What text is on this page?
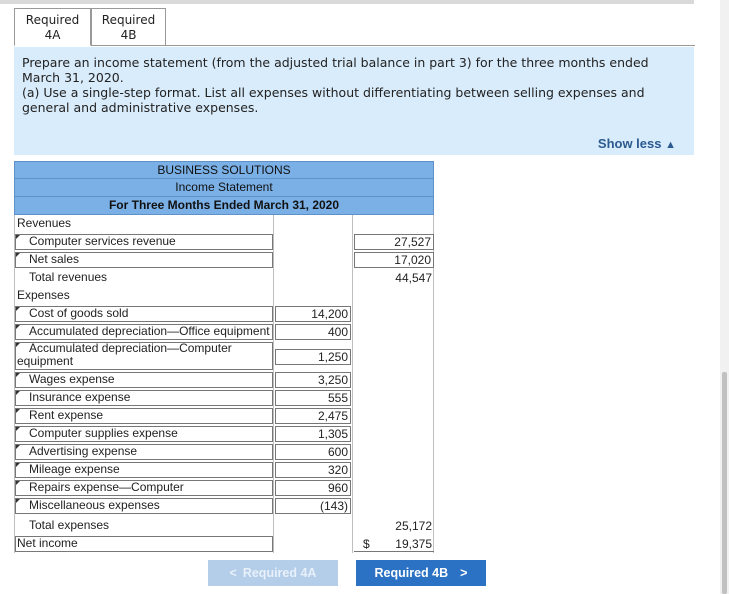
Required
4A
Required
4B

Prepare an income statement (from the adjusted trial balance in part 3) for the three months ended March 31, 2020.

(a) Use a single-step format. List all expenses without differentiating between selling expenses and general and administrative expenses.

Show less ▲
BUSINESS SOLUTIONS
Income Statement
For Three Months Ended March 31, 2020
Revenues
Computer services revenue	27,527
Net sales	17,020
Total revenues	44,547
Expenses
Cost of goods sold	14,200
Accumulated depreciation—Office equipment	400
Accumulated depreciation—Computer equipment	1,250
Wages expense	3,250
Insurance expense	555
Rent expense	2,475
Computer supplies expense	1,305
Advertising expense	600
Mileage expense	320
Repairs expense—Computer	960
Miscellaneous expenses	(143)
Total expenses	25,172
Net income	$	19,375
< Required 4A	Required 4B >
